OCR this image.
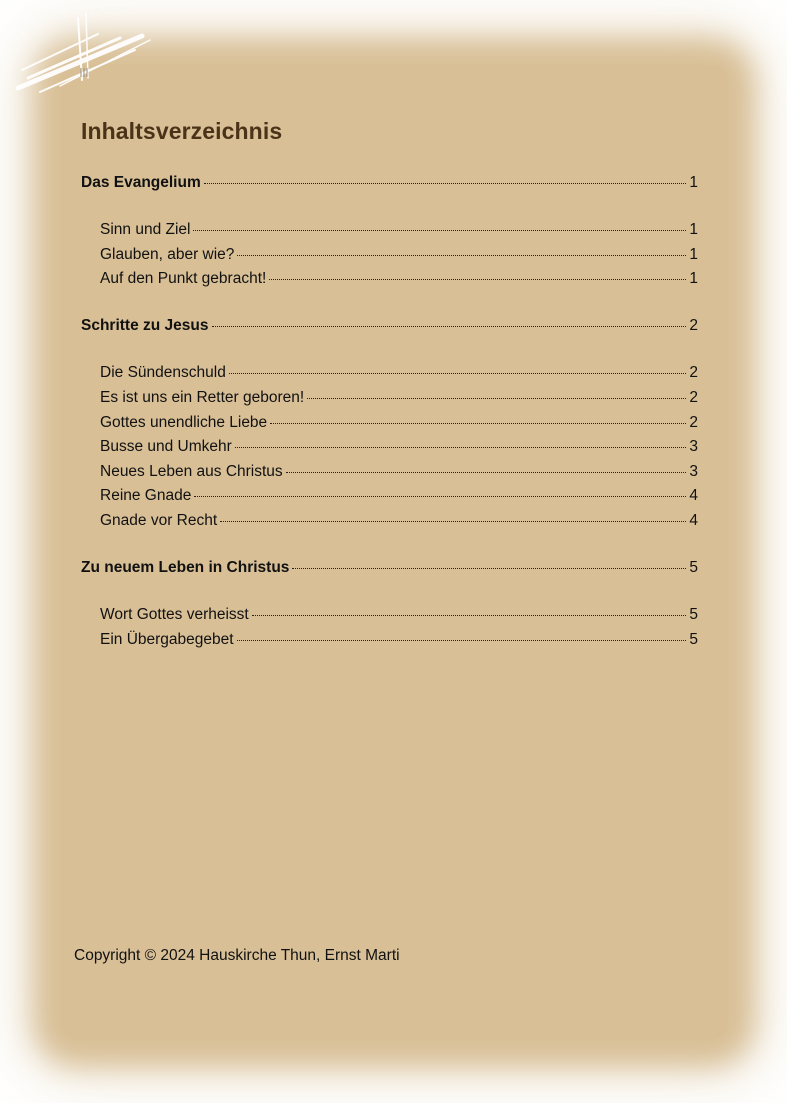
Inhaltsverzeichnis
Das Evangelium	1
Sinn und Ziel	1
Glauben, aber wie?	1
Auf den Punkt gebracht!	1
Schritte zu Jesus	2
Die Sündenschuld	2
Es ist uns ein Retter geboren!	2
Gottes unendliche Liebe	2
Busse und Umkehr	3
Neues Leben aus Christus	3
Reine Gnade	4
Gnade vor Recht	4
Zu neuem Leben in Christus	5
Wort Gottes verheisst	5
Ein Übergabegebet	5

Copyright © 2024 Hauskirche Thun, Ernst Marti
